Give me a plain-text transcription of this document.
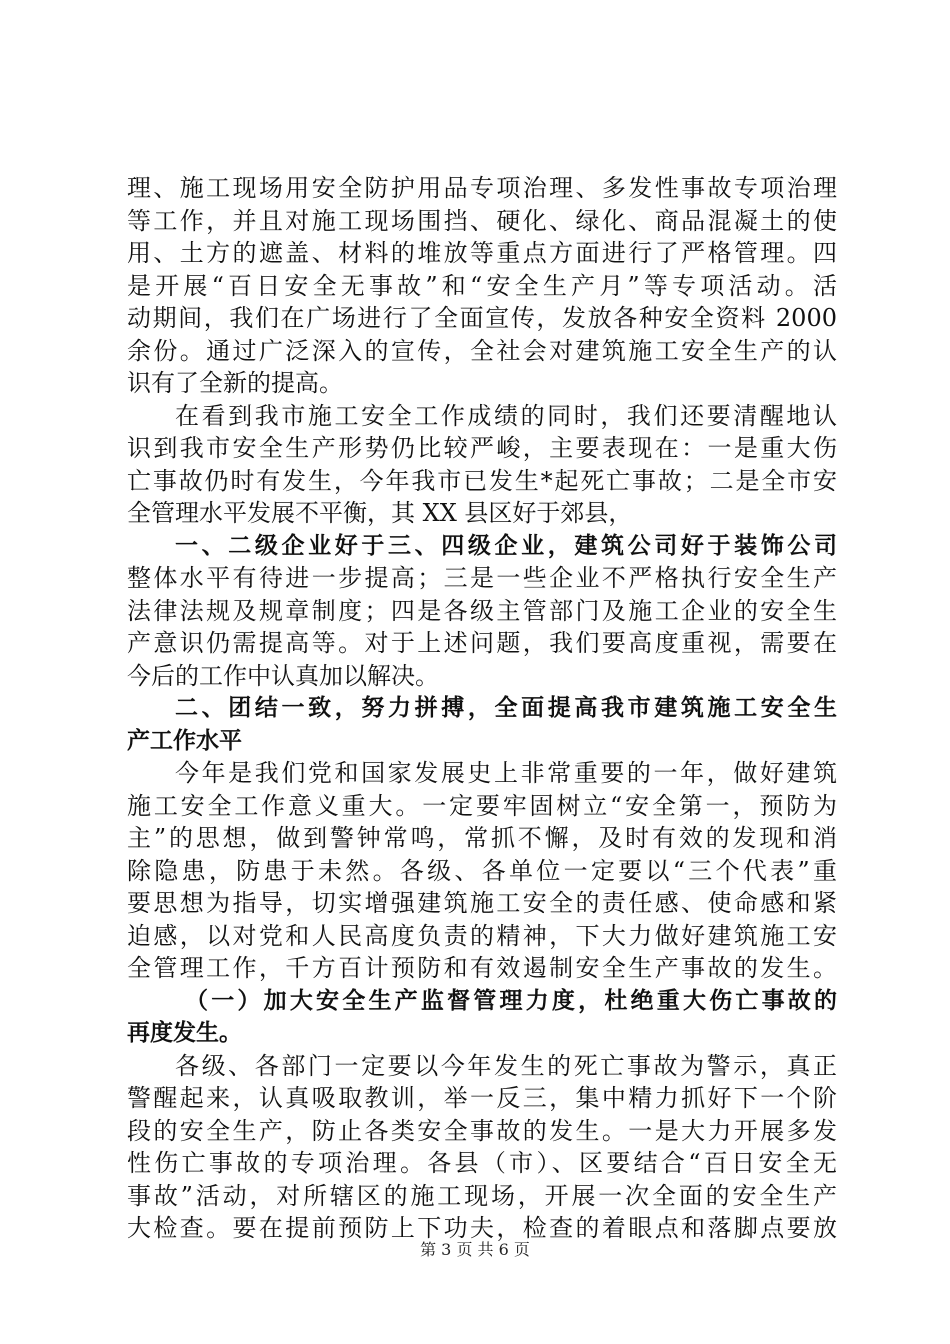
理、施工现场用安全防护用品专项治理、多发性事故专项治理
等工作，并且对施工现场围挡、硬化、绿化、商品混凝土的使
用、土方的遮盖、材料的堆放等重点方面进行了严格管理。四
是开展“百日安全无事故”和“安全生产月”等专项活动。活
动期间，我们在广场进行了全面宣传，发放各种安全资料 2000
余份。通过广泛深入的宣传，全社会对建筑施工安全生产的认
识有了全新的提高。
在看到我市施工安全工作成绩的同时，我们还要清醒地认
识到我市安全生产形势仍比较严峻，主要表现在：一是重大伤
亡事故仍时有发生，今年我市已发生*起死亡事故；二是全市安
全管理水平发展不平衡，其 XX 县区好于郊县，
一、二级企业好于三、四级企业，建筑公司好于装饰公司
整体水平有待进一步提高；三是一些企业不严格执行安全生产
法律法规及规章制度；四是各级主管部门及施工企业的安全生
产意识仍需提高等。对于上述问题，我们要高度重视，需要在
今后的工作中认真加以解决。
二、团结一致，努力拼搏，全面提高我市建筑施工安全生
产工作水平
今年是我们党和国家发展史上非常重要的一年，做好建筑
施工安全工作意义重大。一定要牢固树立“安全第一，预防为
主”的思想，做到警钟常鸣，常抓不懈，及时有效的发现和消
除隐患，防患于未然。各级、各单位一定要以“三个代表”重
要思想为指导，切实增强建筑施工安全的责任感、使命感和紧
迫感，以对党和人民高度负责的精神，下大力做好建筑施工安
全管理工作，千方百计预防和有效遏制安全生产事故的发生。
（一）加大安全生产监督管理力度，杜绝重大伤亡事故的
再度发生。
各级、各部门一定要以今年发生的死亡事故为警示，真正
警醒起来，认真吸取教训，举一反三，集中精力抓好下一个阶
段的安全生产，防止各类安全事故的发生。一是大力开展多发
性伤亡事故的专项治理。各县（市）、区要结合“百日安全无
事故”活动，对所辖区的施工现场，开展一次全面的安全生产
大检查。要在提前预防上下功夫，检查的着眼点和落脚点要放
第 3 页 共 6 页
